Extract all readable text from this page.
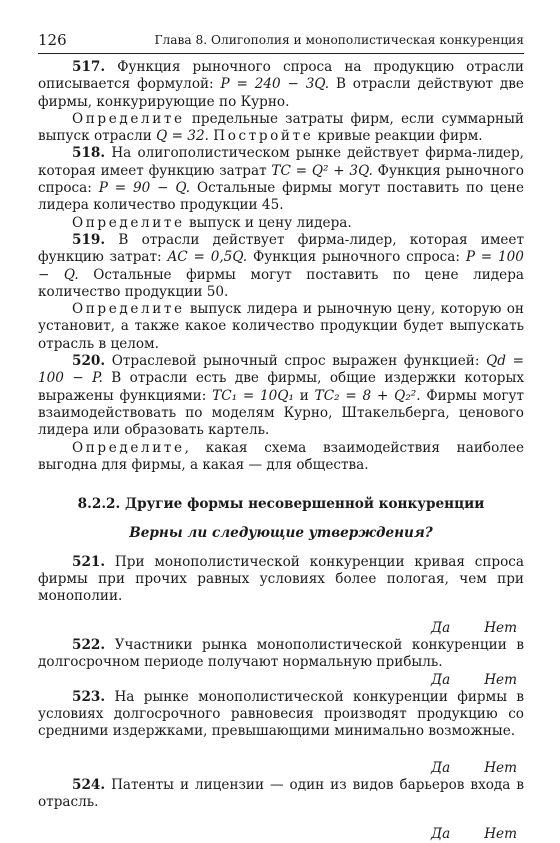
126	Глава 8. Олигополия и монополистическая конкуренция

517. Функция рыночного спроса на продукцию отрасли описывается формулой: P = 240 − 3Q. В отрасли действуют две фирмы, конкурирующие по Курно.

Определите предельные затраты фирм, если суммарный выпуск отрасли Q = 32. Постройте кривые реакции фирм.

518. На олигополистическом рынке действует фирма-лидер, которая имеет функцию затрат TC = Q² + 3Q. Функция рыночного спроса: P = 90 − Q. Остальные фирмы могут поставить по цене лидера количество продукции 45.

Определите выпуск и цену лидера.

519. В отрасли действует фирма-лидер, которая имеет функцию затрат: AC = 0,5Q. Функция рыночного спроса: P = 100 − Q. Остальные фирмы могут поставить по цене лидера количество продукции 50.

Определите выпуск лидера и рыночную цену, которую он установит, а также какое количество продукции будет выпускать отрасль в целом.

520. Отраслевой рыночный спрос выражен функцией: Qd = 100 − P. В отрасли есть две фирмы, общие издержки которых выражены функциями: TC₁ = 10Q₁ и TC₂ = 8 + Q₂². Фирмы могут взаимодействовать по моделям Курно, Штакельберга, ценового лидера или образовать картель.

Определите, какая схема взаимодействия наиболее выгодна для фирмы, а какая — для общества.

8.2.2. Другие формы несовершенной конкуренции

Верны ли следующие утверждения?

521. При монополистической конкуренции кривая спроса фирмы при прочих равных условиях более пологая, чем при монополии.

Да	Нет

522. Участники рынка монополистической конкуренции в долгосрочном периоде получают нормальную прибыль.

Да	Нет

523. На рынке монополистической конкуренции фирмы в условиях долгосрочного равновесия производят продукцию со средними издержками, превышающими минимально возможные.

Да	Нет

524. Патенты и лицензии — один из видов барьеров входа в отрасль.

Да	Нет
